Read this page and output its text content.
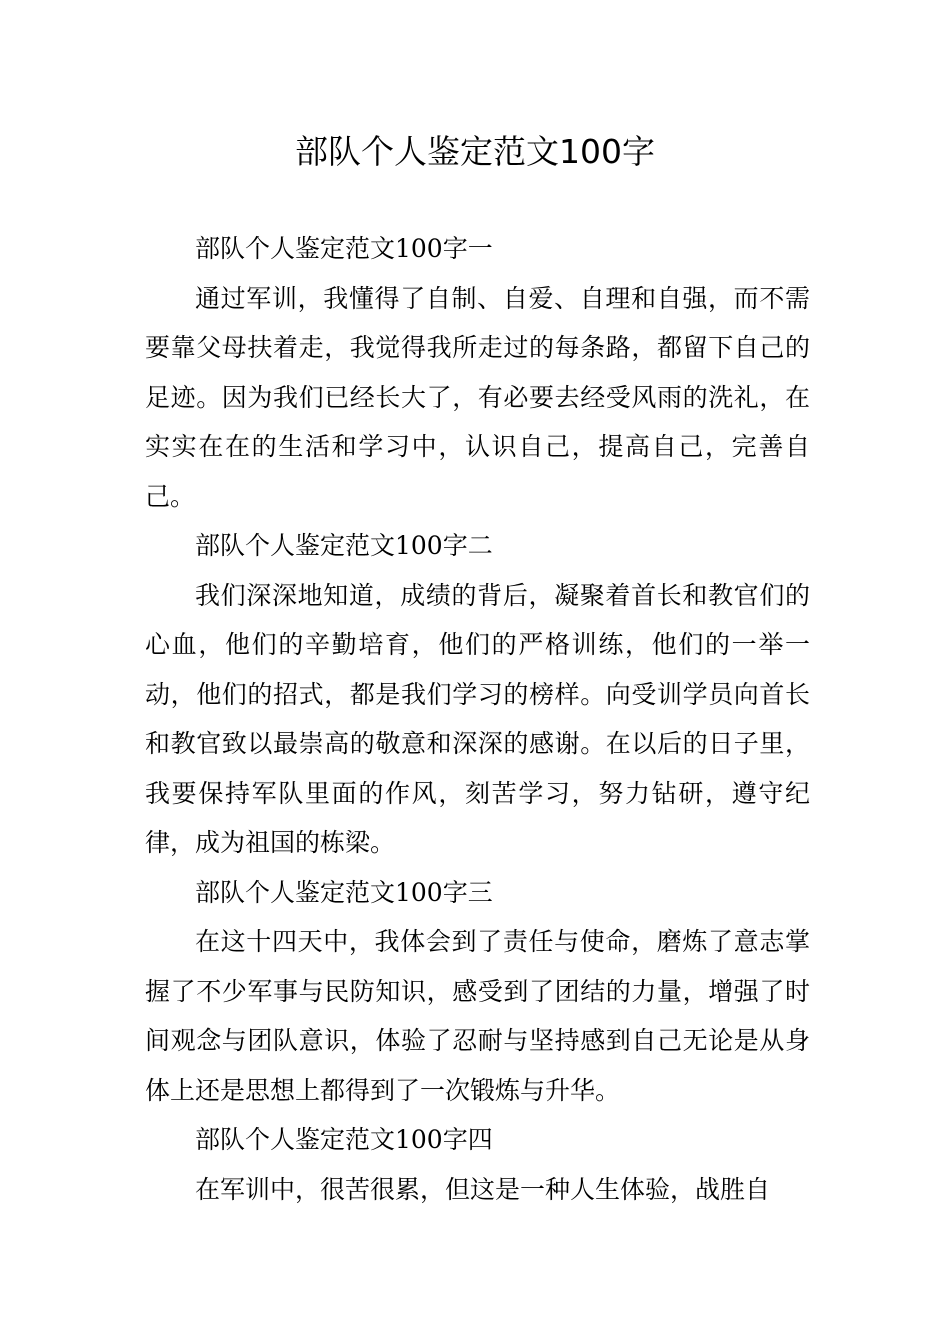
部队个人鉴定范文100字

部队个人鉴定范文100字一

通过军训，我懂得了自制、自爱、自理和自强，而不需要靠父母扶着走，我觉得我所走过的每条路，都留下自己的足迹。因为我们已经长大了，有必要去经受风雨的洗礼，在实实在在的生活和学习中，认识自己，提高自己，完善自己。

部队个人鉴定范文100字二

我们深深地知道，成绩的背后，凝聚着首长和教官们的心血，他们的辛勤培育，他们的严格训练，他们的一举一动，他们的招式，都是我们学习的榜样。向受训学员向首长和教官致以最崇高的敬意和深深的感谢。在以后的日子里，我要保持军队里面的作风，刻苦学习，努力钻研，遵守纪律，成为祖国的栋梁。

部队个人鉴定范文100字三

在这十四天中，我体会到了责任与使命，磨炼了意志掌握了不少军事与民防知识，感受到了团结的力量，增强了时间观念与团队意识，体验了忍耐与坚持感到自己无论是从身体上还是思想上都得到了一次锻炼与升华。

部队个人鉴定范文100字四

在军训中，很苦很累，但这是一种人生体验，战胜自
